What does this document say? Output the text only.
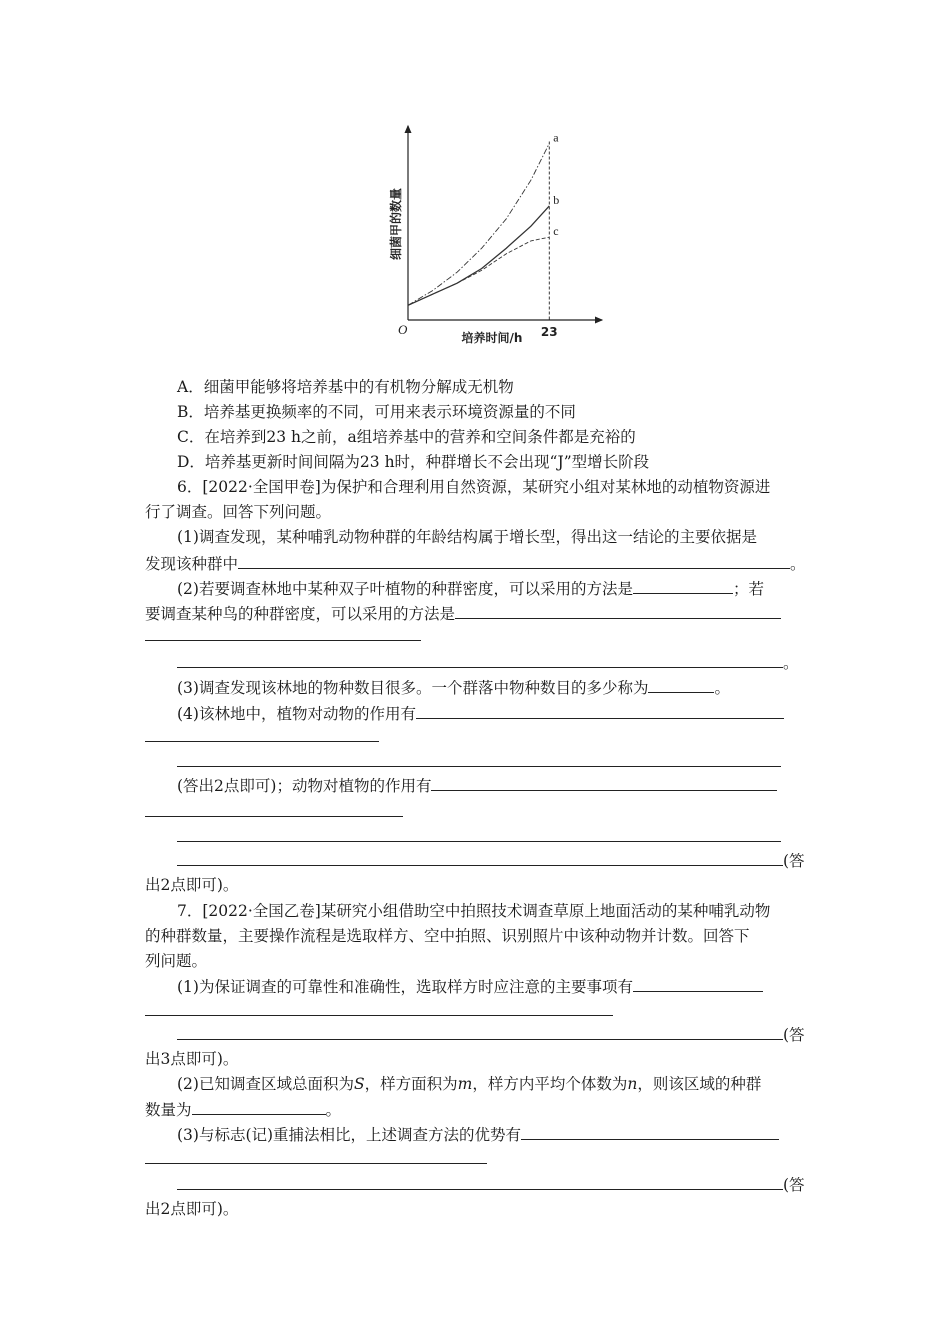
O
细菌甲的数量
培养时间/h 23
a
b
c
A．细菌甲能够将培养基中的有机物分解成无机物
B．培养基更换频率的不同，可用来表示环境资源量的不同
C．在培养到23 h之前，a组培养基中的营养和空间条件都是充裕的
D．培养基更新时间间隔为23 h时，种群增长不会出现“J”型增长阶段
6．[2022·全国甲卷]为保护和合理利用自然资源，某研究小组对某林地的动植物资源进
行了调查。回答下列问题。
(1)调查发现，某种哺乳动物种群的年龄结构属于增长型，得出这一结论的主要依据是
发现该种群中	。
(2)若要调查林地中某种双子叶植物的种群密度，可以采用的方法是	；若
要调查某种鸟的种群密度，可以采用的方法是
。
(3)调查发现该林地的物种数目很多。一个群落中物种数目的多少称为	。
(4)该林地中，植物对动物的作用有
(答出2点即可)；动物对植物的作用有
(答
出2点即可)。
7．[2022·全国乙卷]某研究小组借助空中拍照技术调查草原上地面活动的某种哺乳动物
的种群数量，主要操作流程是选取样方、空中拍照、识别照片中该种动物并计数。回答下
列问题。
(1)为保证调查的可靠性和准确性，选取样方时应注意的主要事项有
(答
出3点即可)。
(2)已知调查区域总面积为S，样方面积为m，样方内平均个体数为n，则该区域的种群
数量为	。
(3)与标志(记)重捕法相比，上述调查方法的优势有
(答
出2点即可)。
